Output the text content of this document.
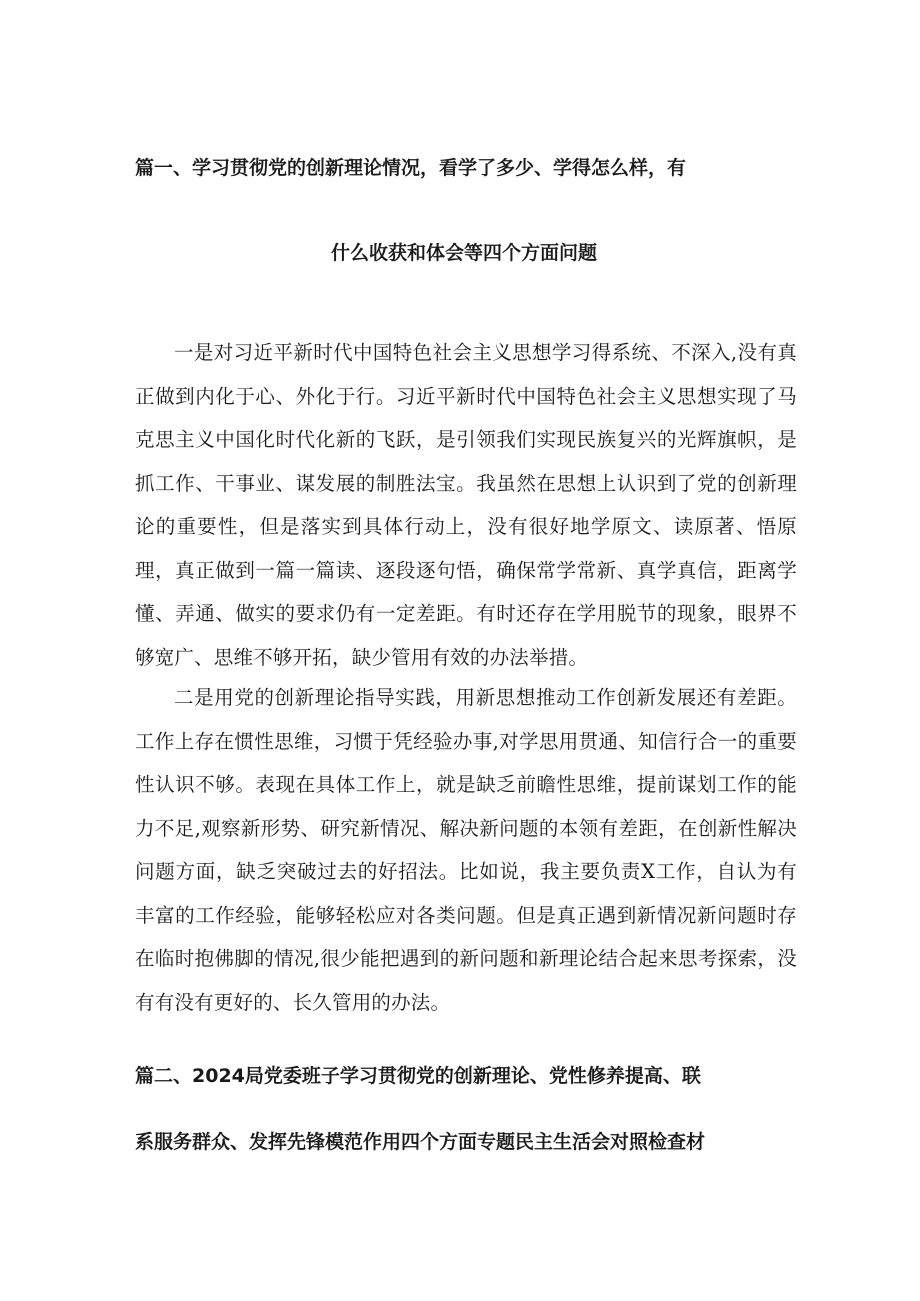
篇一、学习贯彻党的创新理论情况，看学了多少、学得怎么样，有
什么收获和体会等四个方面问题

一是对习近平新时代中国特色社会主义思想学习得系统、不深入,没有真正做到内化于心、外化于行。习近平新时代中国特色社会主义思想实现了马克思主义中国化时代化新的飞跃，是引领我们实现民族复兴的光辉旗帜，是抓工作、干事业、谋发展的制胜法宝。我虽然在思想上认识到了党的创新理论的重要性，但是落实到具体行动上，没有很好地学原文、读原著、悟原理，真正做到一篇一篇读、逐段逐句悟，确保常学常新、真学真信，距离学懂、弄通、做实的要求仍有一定差距。有时还存在学用脱节的现象，眼界不够宽广、思维不够开拓，缺少管用有效的办法举措。

二是用党的创新理论指导实践，用新思想推动工作创新发展还有差距。工作上存在惯性思维，习惯于凭经验办事,对学思用贯通、知信行合一的重要性认识不够。表现在具体工作上，就是缺乏前瞻性思维，提前谋划工作的能力不足,观察新形势、研究新情况、解决新问题的本领有差距，在创新性解决问题方面，缺乏突破过去的好招法。比如说，我主要负责X工作，自认为有丰富的工作经验，能够轻松应对各类问题。但是真正遇到新情况新问题时存在临时抱佛脚的情况,很少能把遇到的新问题和新理论结合起来思考探索，没有有没有更好的、长久管用的办法。

篇二、2024局党委班子学习贯彻党的创新理论、党性修养提高、联
系服务群众、发挥先锋模范作用四个方面专题民主生活会对照检查材
